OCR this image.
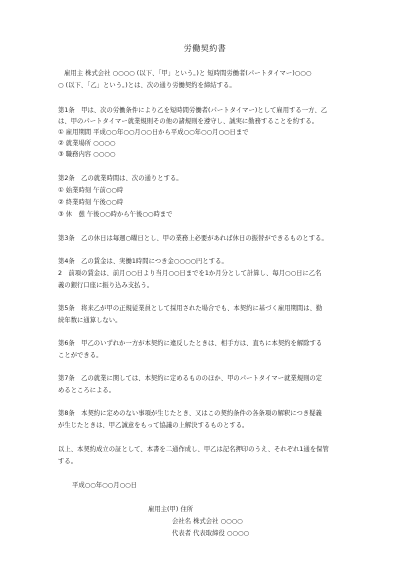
労働契約書
雇用主 株式会社 ○○○○ (以下、「甲」という。)と 短時間労働者(パートタイマー)○○○
○ (以下、「乙」という。)とは、次の通り労働契約を締結する。
第1条　甲は、次の労働条件により乙を短時間労働者(パートタイマー)として雇用する一方、乙
は、甲のパートタイマー就業規則その他の諸規則を遵守し、誠実に勤務することを約する。
① 雇用期間 平成○○年○○月○○日から平成○○年○○月○○日まで
② 就業場所 ○○○○
③ 職務内容 ○○○○
第2条　乙の就業時間は、次の通りとする。
① 始業時刻 午前○○時
② 終業時刻 午後○○時
③ 休　憩 午後○○時から午後○○時まで
第3条　乙の休日は毎週○曜日とし、甲の業務上必要があれば休日の振替ができるものとする。
第4条　乙の賃金は、実働1時間につき金○○○○円とする。
2　前項の賃金は、前月○○日より当月○○日までを1か月分として計算し、毎月○○日に乙名
義の銀行口座に振り込み支払う。
第5条　将来乙が甲の正規従業員として採用された場合でも、本契約に基づく雇用期間は、勤
続年数に通算しない。
第6条　甲乙のいずれか一方が本契約に違反したときは、相手方は、直ちに本契約を解除する
ことができる。
第7条　乙の就業に関しては、本契約に定めるもののほか、甲のパートタイマー就業規則の定
めるところによる。
第8条　本契約に定めのない事項が生じたとき、又はこの契約条件の各条項の解釈につき疑義
が生じたときは、甲乙誠意をもって協議の上解決するものとする。
以上、本契約成立の証として、本書を二通作成し、甲乙は記名押印のうえ、それぞれ1通を保管
する。
平成○○年○○月○○日
雇用主(甲) 住所
会社名 株式会社 ○○○○
代表者 代表取締役 ○○○○
